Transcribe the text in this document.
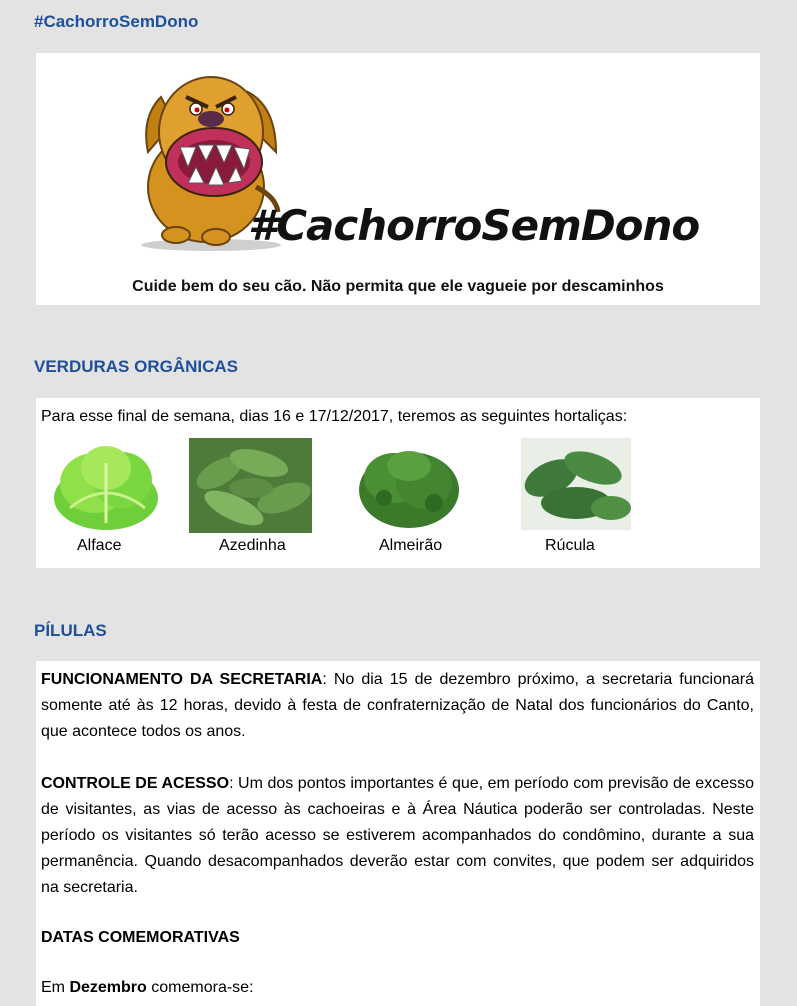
#CachorroSemDono
#CachorroSemDono
Cuide bem do seu cão. Não permita que ele vagueie por descaminhos
VERDURAS ORGÂNICAS
Para esse final de semana, dias 16 e 17/12/2017, teremos as seguintes hortaliças:
Alface	Azedinha	Almeirão	Rúcula
PÍLULAS

FUNCIONAMENTO DA SECRETARIA: No dia 15 de dezembro próximo, a secretaria funcionará somente até às 12 horas, devido à festa de confraternização de Natal dos funcionários do Canto, que acontece todos os anos.

CONTROLE DE ACESSO: Um dos pontos importantes é que, em período com previsão de excesso de visitantes, as vias de acesso às cachoeiras e à Área Náutica poderão ser controladas. Neste período os visitantes só terão acesso se estiverem acompanhados do condômino, durante a sua permanência. Quando desacompanhados deverão estar com convites, que podem ser adquiridos na secretaria.

DATAS COMEMORATIVAS

Em Dezembro comemora-se:
